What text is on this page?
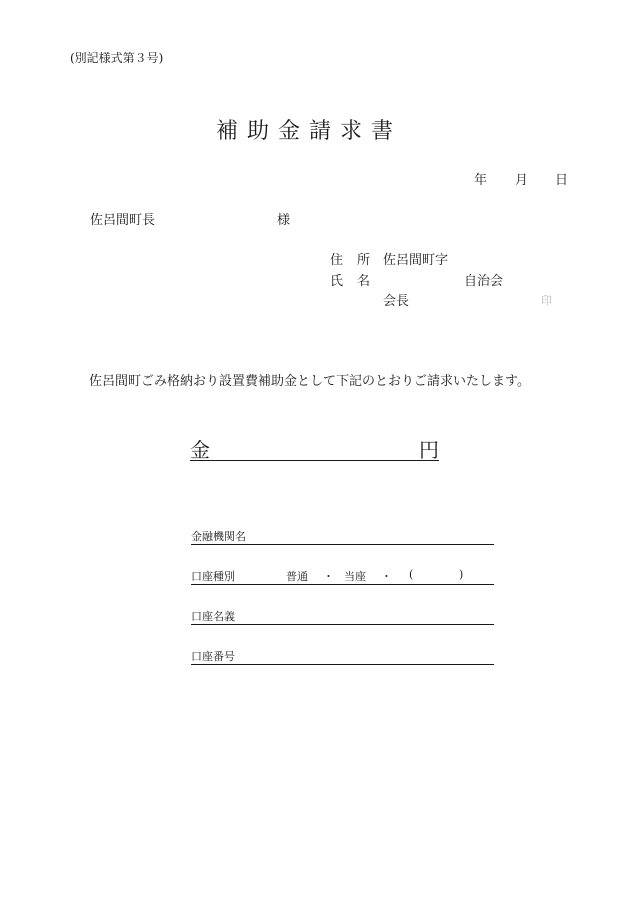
(別記様式第３号)
補助金請求書
年 月 日
佐呂間町長	様
住 所 佐呂間町字
氏 名	自治会
会長	印
佐呂間町ごみ格納おり設置費補助金として下記のとおりご請求いたします。
金	円
金融機関名
口座種別	普通 ・ 当座 ・ (	)
口座名義
口座番号
